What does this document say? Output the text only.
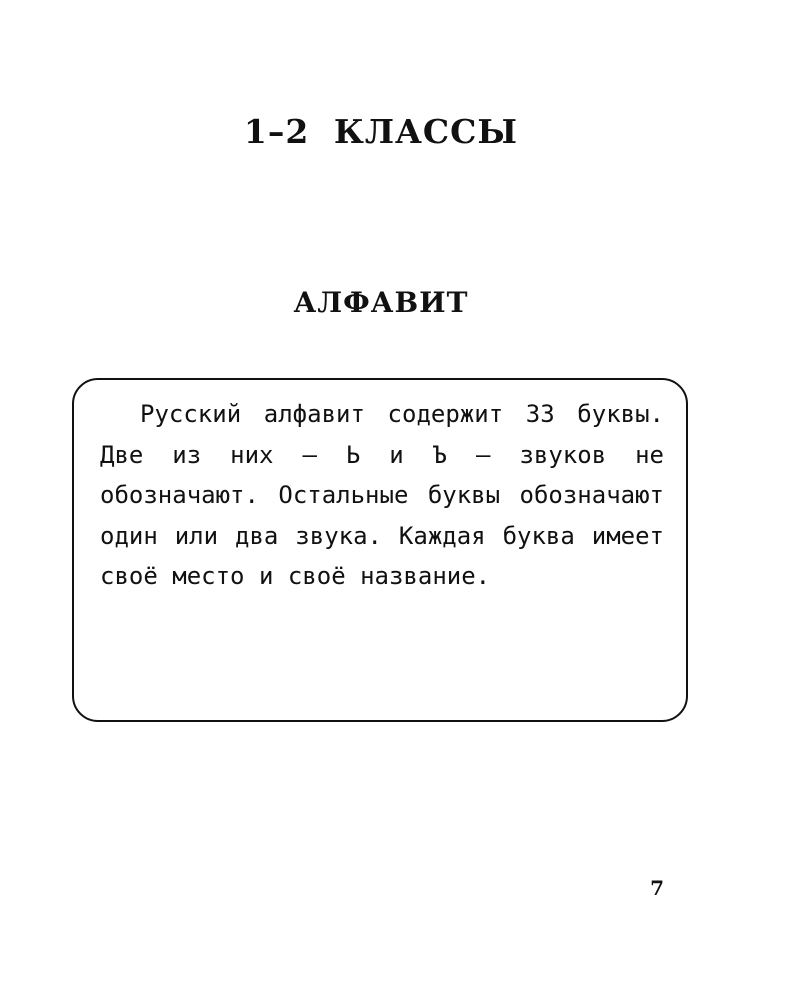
1–2 КЛАССЫ
АЛФАВИТ

Русский алфавит содержит 33 буквы. Две из них — Ь и Ъ — звуков не обозначают. Остальные буквы обозначают один или два звука. Каждая буква имеет своё место и своё название.

7
